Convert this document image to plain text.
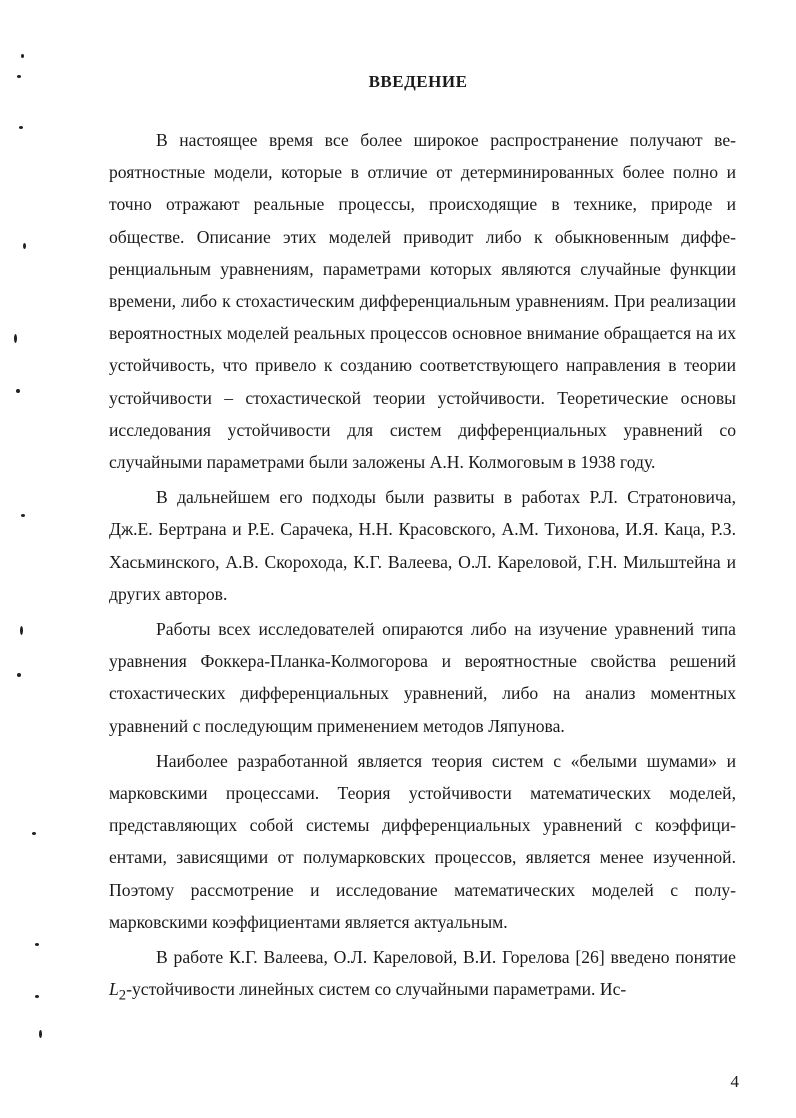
ВВЕДЕНИЕ

В настоящее время все более широкое распространение получают вероятностные модели, которые в отличие от детерминированных более полно и точно отражают реальные процессы, происходящие в технике, природе и обществе. Описание этих моделей приводит либо к обыкновенным дифференциальным уравнениям, параметрами которых являются случайные функции времени, либо к стохастическим дифференциальным уравнениям. При реализации вероятностных моделей реальных процессов основное внимание обращается на их устойчивость, что привело к созданию соответствующего направления в теории устойчивости – стохастической теории устойчивости. Теоретические основы исследования устойчивости для систем дифференциальных уравнений со случайными параметрами были заложены А.Н. Колмоговым в 1938 году.

В дальнейшем его подходы были развиты в работах Р.Л. Стратоновича, Дж.Е. Бертрана и Р.Е. Сарачека, Н.Н. Красовского, А.М. Тихонова, И.Я. Каца, Р.З. Хасьминского, А.В. Скорохода, К.Г. Валеева, О.Л. Кареловой, Г.Н. Мильштейна и других авторов.

Работы всех исследователей опираются либо на изучение уравнений типа уравнения Фоккера-Планка-Колмогорова и вероятностные свойства решений стохастических дифференциальных уравнений, либо на анализ моментных уравнений с последующим применением методов Ляпунова.

Наиболее разработанной является теория систем с «белыми шумами» и марковскими процессами. Теория устойчивости математических моделей, представляющих собой системы дифференциальных уравнений с коэффициентами, зависящими от полумарковских процессов, является менее изученной. Поэтому рассмотрение и исследование математических моделей с полумарковскими коэффициентами является актуальным.

В работе К.Г. Валеева, О.Л. Кареловой, В.И. Горелова [26] введено понятие $L_2$-устойчивости линейных систем со случайными параметрами. Ис-

4
